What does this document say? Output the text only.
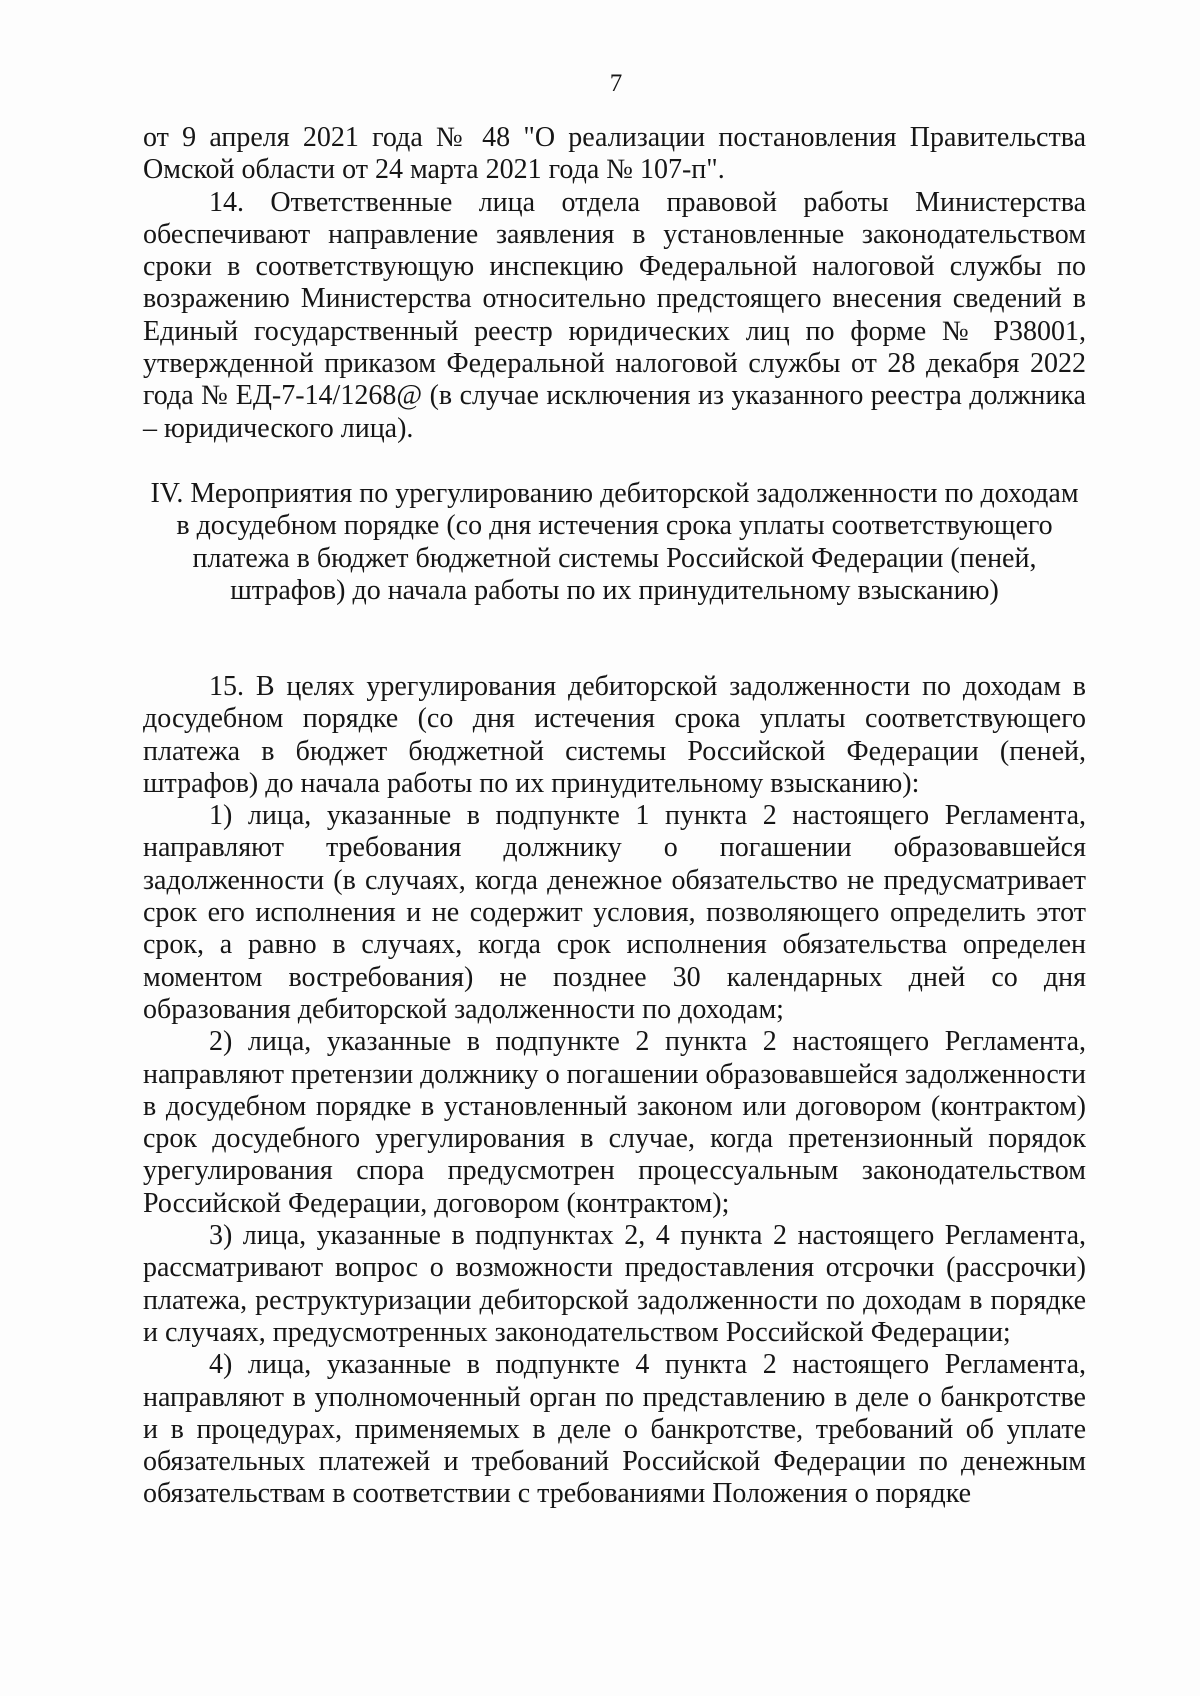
7

от 9 апреля 2021 года № 48 "О реализации постановления Правительства Омской области от 24 марта 2021 года № 107-п".

14. Ответственные лица отдела правовой работы Министерства обеспечивают направление заявления в установленные законодательством сроки в соответствующую инспекцию Федеральной налоговой службы по возражению Министерства относительно предстоящего внесения сведений в Единый государственный реестр юридических лиц по форме № Р38001, утвержденной приказом Федеральной налоговой службы от 28 декабря 2022 года № ЕД-7-14/1268@ (в случае исключения из указанного реестра должника – юридического лица).

IV. Мероприятия по урегулированию дебиторской задолженности по доходам в досудебном порядке (со дня истечения срока уплаты соответствующего платежа в бюджет бюджетной системы Российской Федерации (пеней, штрафов) до начала работы по их принудительному взысканию)

15. В целях урегулирования дебиторской задолженности по доходам в досудебном порядке (со дня истечения срока уплаты соответствующего платежа в бюджет бюджетной системы Российской Федерации (пеней, штрафов) до начала работы по их принудительному взысканию):

1) лица, указанные в подпункте 1 пункта 2 настоящего Регламента, направляют требования должнику о погашении образовавшейся задолженности (в случаях, когда денежное обязательство не предусматривает срок его исполнения и не содержит условия, позволяющего определить этот срок, а равно в случаях, когда срок исполнения обязательства определен моментом востребования) не позднее 30 календарных дней со дня образования дебиторской задолженности по доходам;

2) лица, указанные в подпункте 2 пункта 2 настоящего Регламента, направляют претензии должнику о погашении образовавшейся задолженности в досудебном порядке в установленный законом или договором (контрактом) срок досудебного урегулирования в случае, когда претензионный порядок урегулирования спора предусмотрен процессуальным законодательством Российской Федерации, договором (контрактом);

3) лица, указанные в подпунктах 2, 4 пункта 2 настоящего Регламента, рассматривают вопрос о возможности предоставления отсрочки (рассрочки) платежа, реструктуризации дебиторской задолженности по доходам в порядке и случаях, предусмотренных законодательством Российской Федерации;

4) лица, указанные в подпункте 4 пункта 2 настоящего Регламента, направляют в уполномоченный орган по представлению в деле о банкротстве и в процедурах, применяемых в деле о банкротстве, требований об уплате обязательных платежей и требований Российской Федерации по денежным обязательствам в соответствии с требованиями Положения о порядке
